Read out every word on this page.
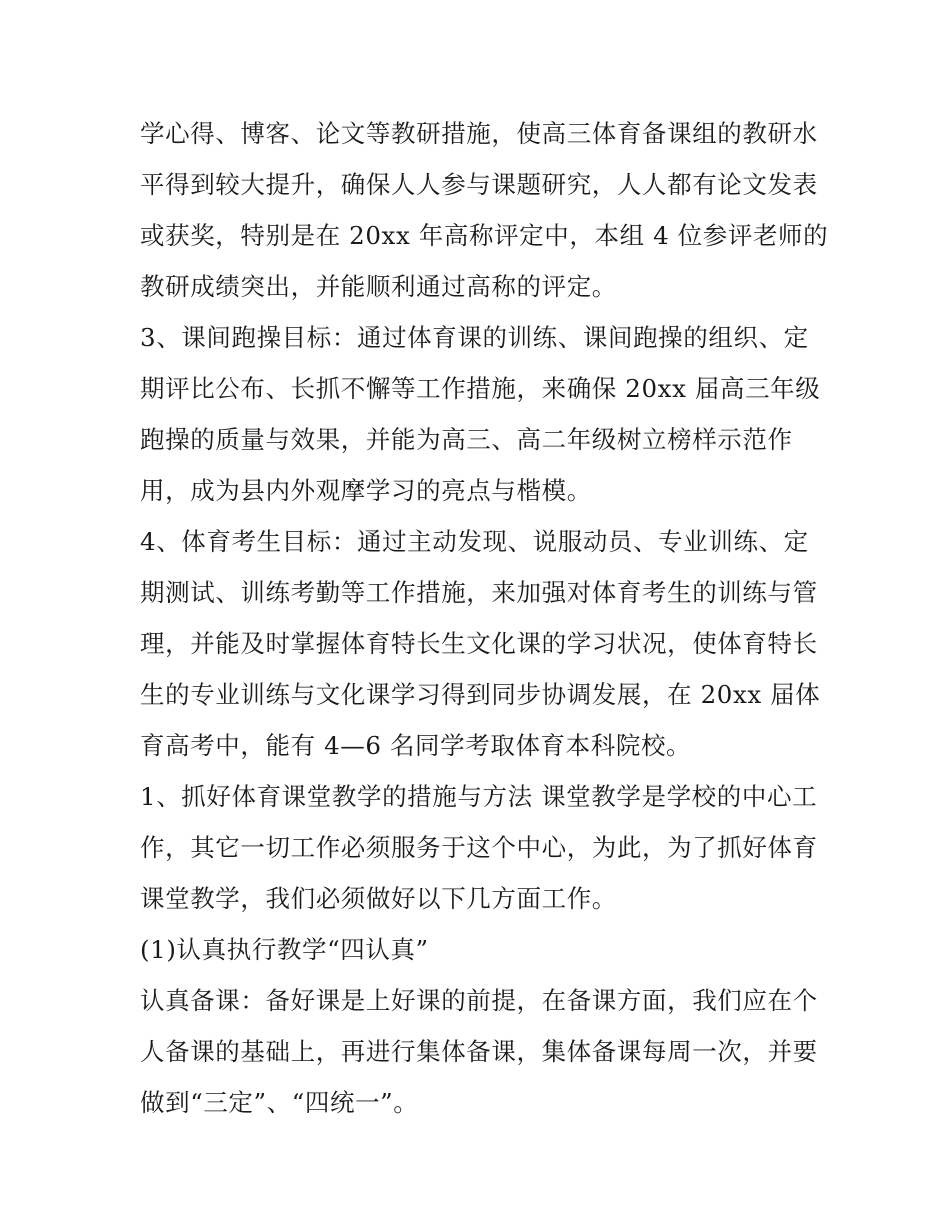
学心得、博客、论文等教研措施，使高三体育备课组的教研水
平得到较大提升，确保人人参与课题研究，人人都有论文发表
或获奖，特别是在 20xx 年高称评定中，本组 4 位参评老师的
教研成绩突出，并能顺利通过高称的评定。
3、课间跑操目标：通过体育课的训练、课间跑操的组织、定
期评比公布、长抓不懈等工作措施，来确保 20xx 届高三年级
跑操的质量与效果，并能为高三、高二年级树立榜样示范作
用，成为县内外观摩学习的亮点与楷模。
4、体育考生目标：通过主动发现、说服动员、专业训练、定
期测试、训练考勤等工作措施，来加强对体育考生的训练与管
理，并能及时掌握体育特长生文化课的学习状况，使体育特长
生的专业训练与文化课学习得到同步协调发展，在 20xx 届体
育高考中，能有 4—6 名同学考取体育本科院校。
1、抓好体育课堂教学的措施与方法 课堂教学是学校的中心工
作，其它一切工作必须服务于这个中心，为此，为了抓好体育
课堂教学，我们必须做好以下几方面工作。
(1)认真执行教学“四认真”
认真备课：备好课是上好课的前提，在备课方面，我们应在个
人备课的基础上，再进行集体备课，集体备课每周一次，并要
做到“三定”、“四统一”。
